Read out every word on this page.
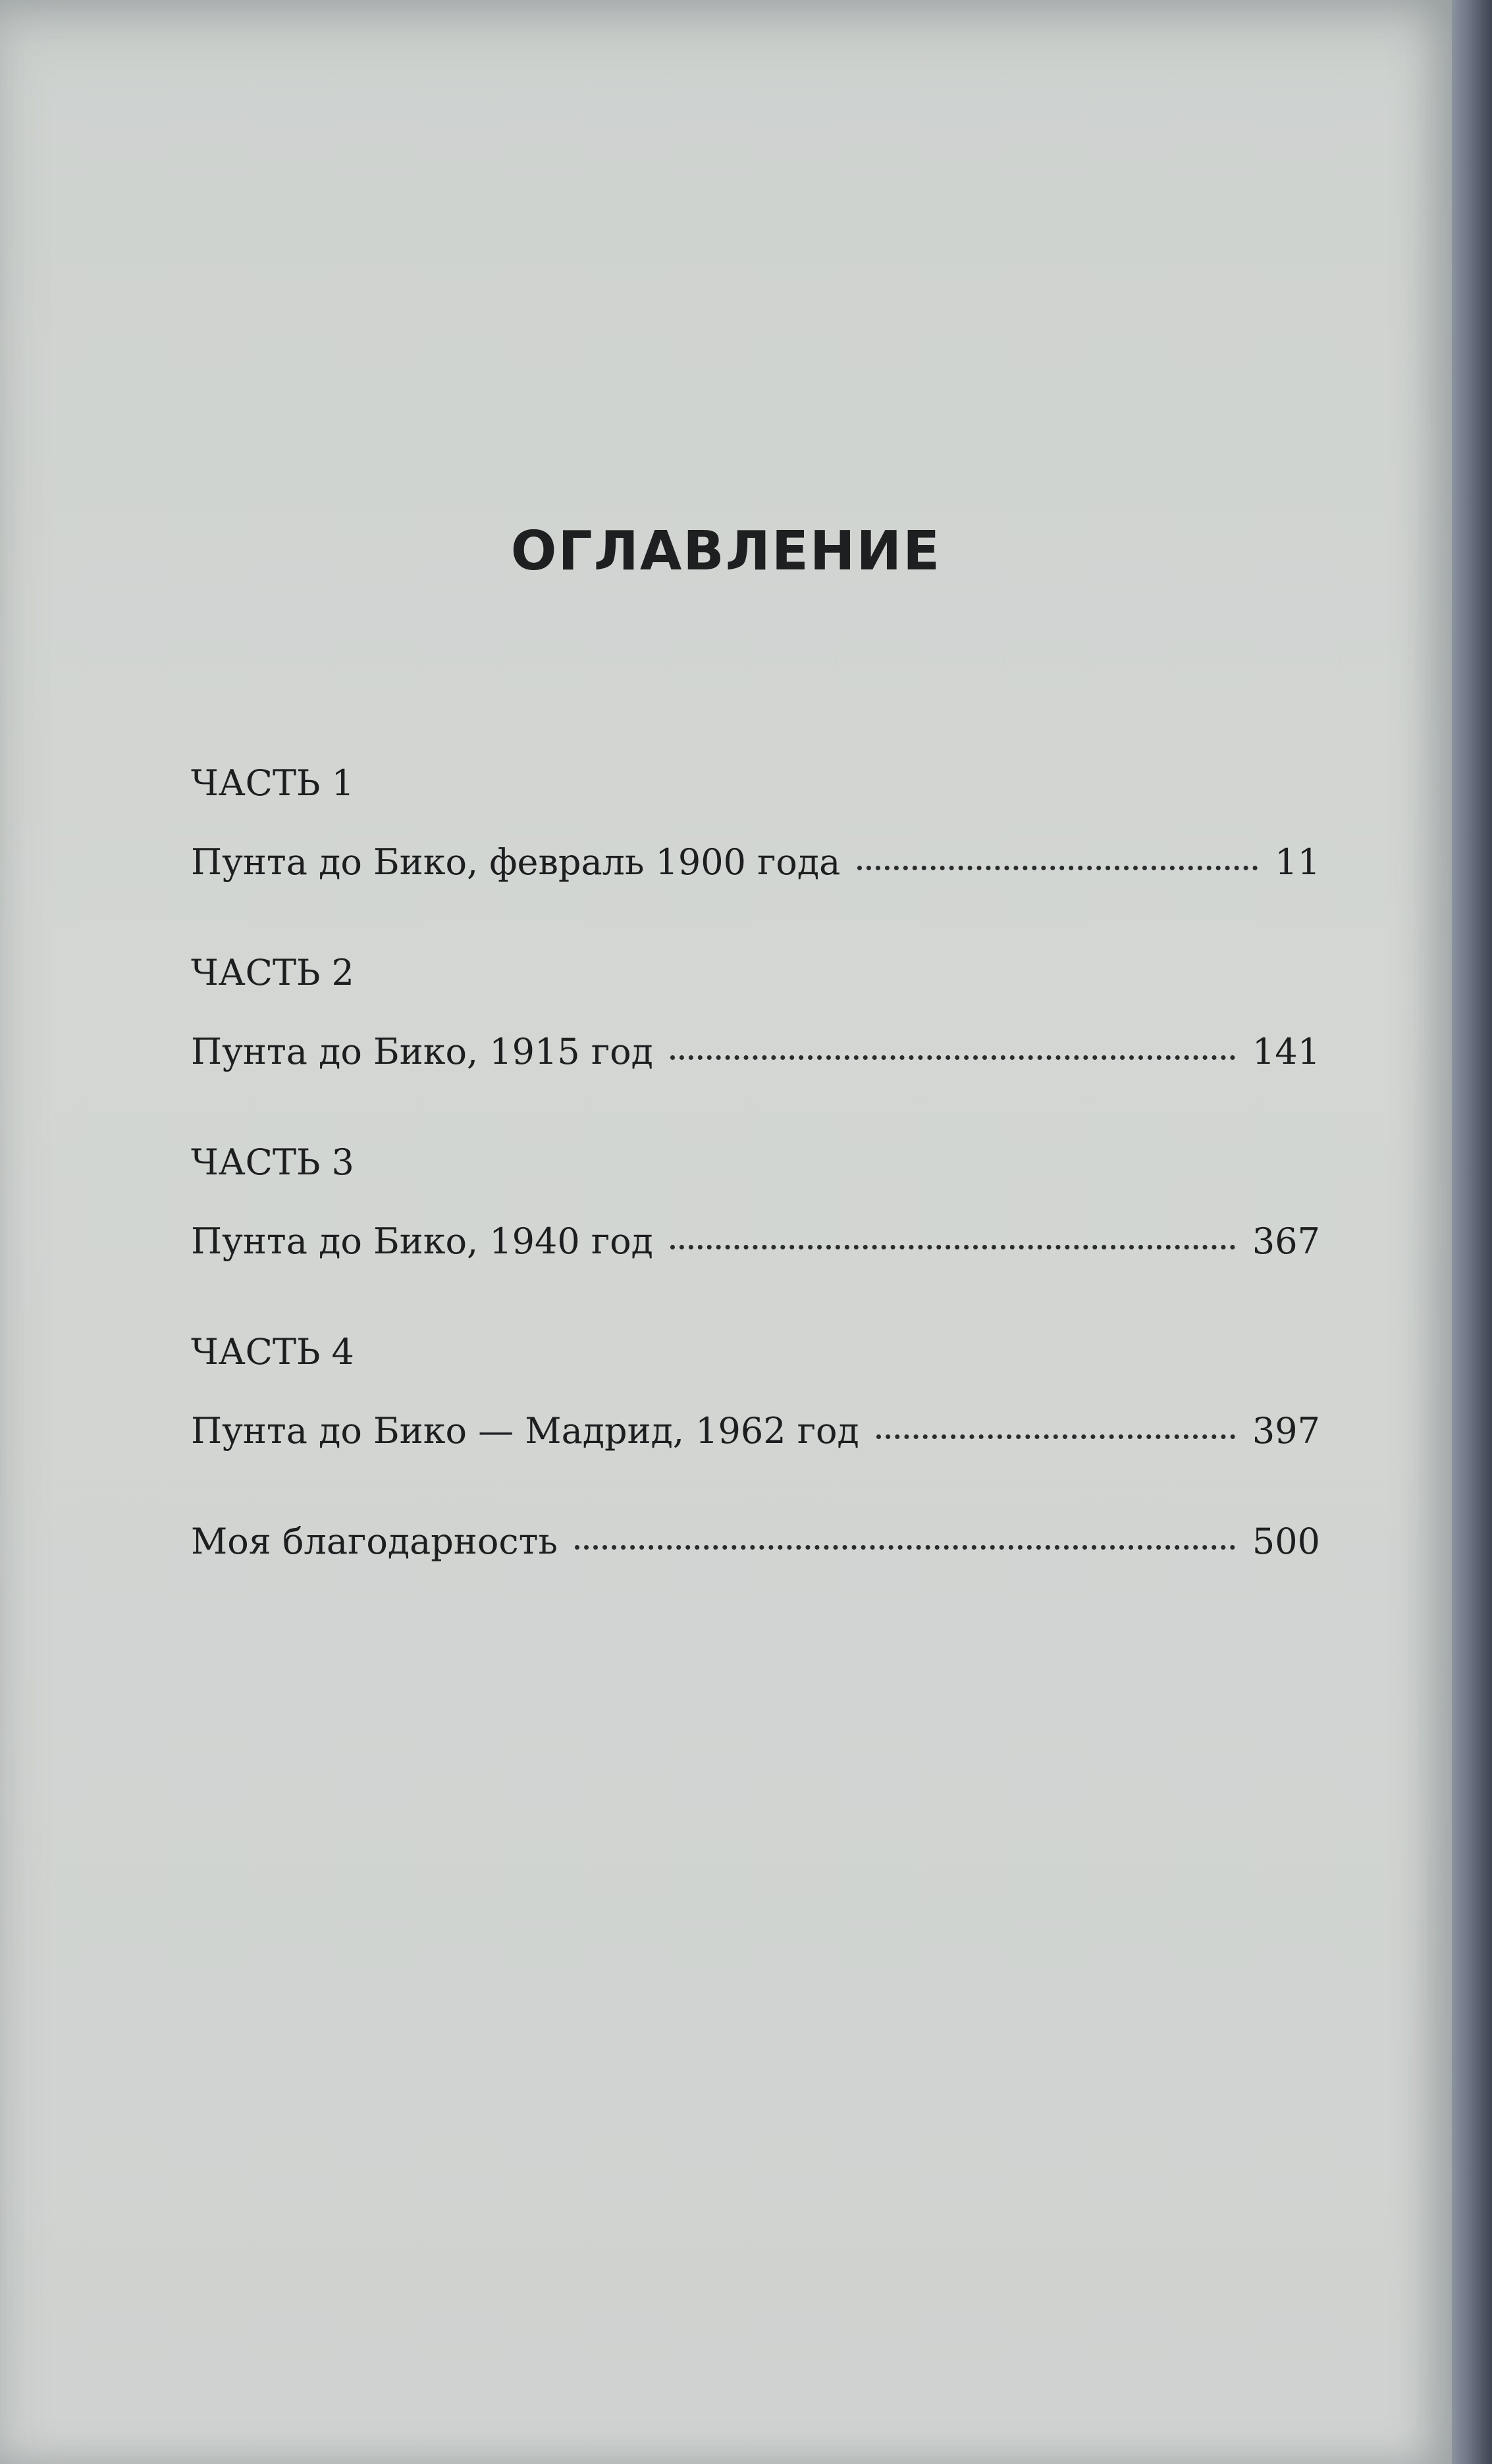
ОГЛАВЛЕНИЕ
ЧАСТЬ 1
Пунта до Бико, февраль 1900 года	11
ЧАСТЬ 2
Пунта до Бико, 1915 год	141
ЧАСТЬ 3
Пунта до Бико, 1940 год	367
ЧАСТЬ 4
Пунта до Бико — Мадрид, 1962 год	397
Моя благодарность	500
